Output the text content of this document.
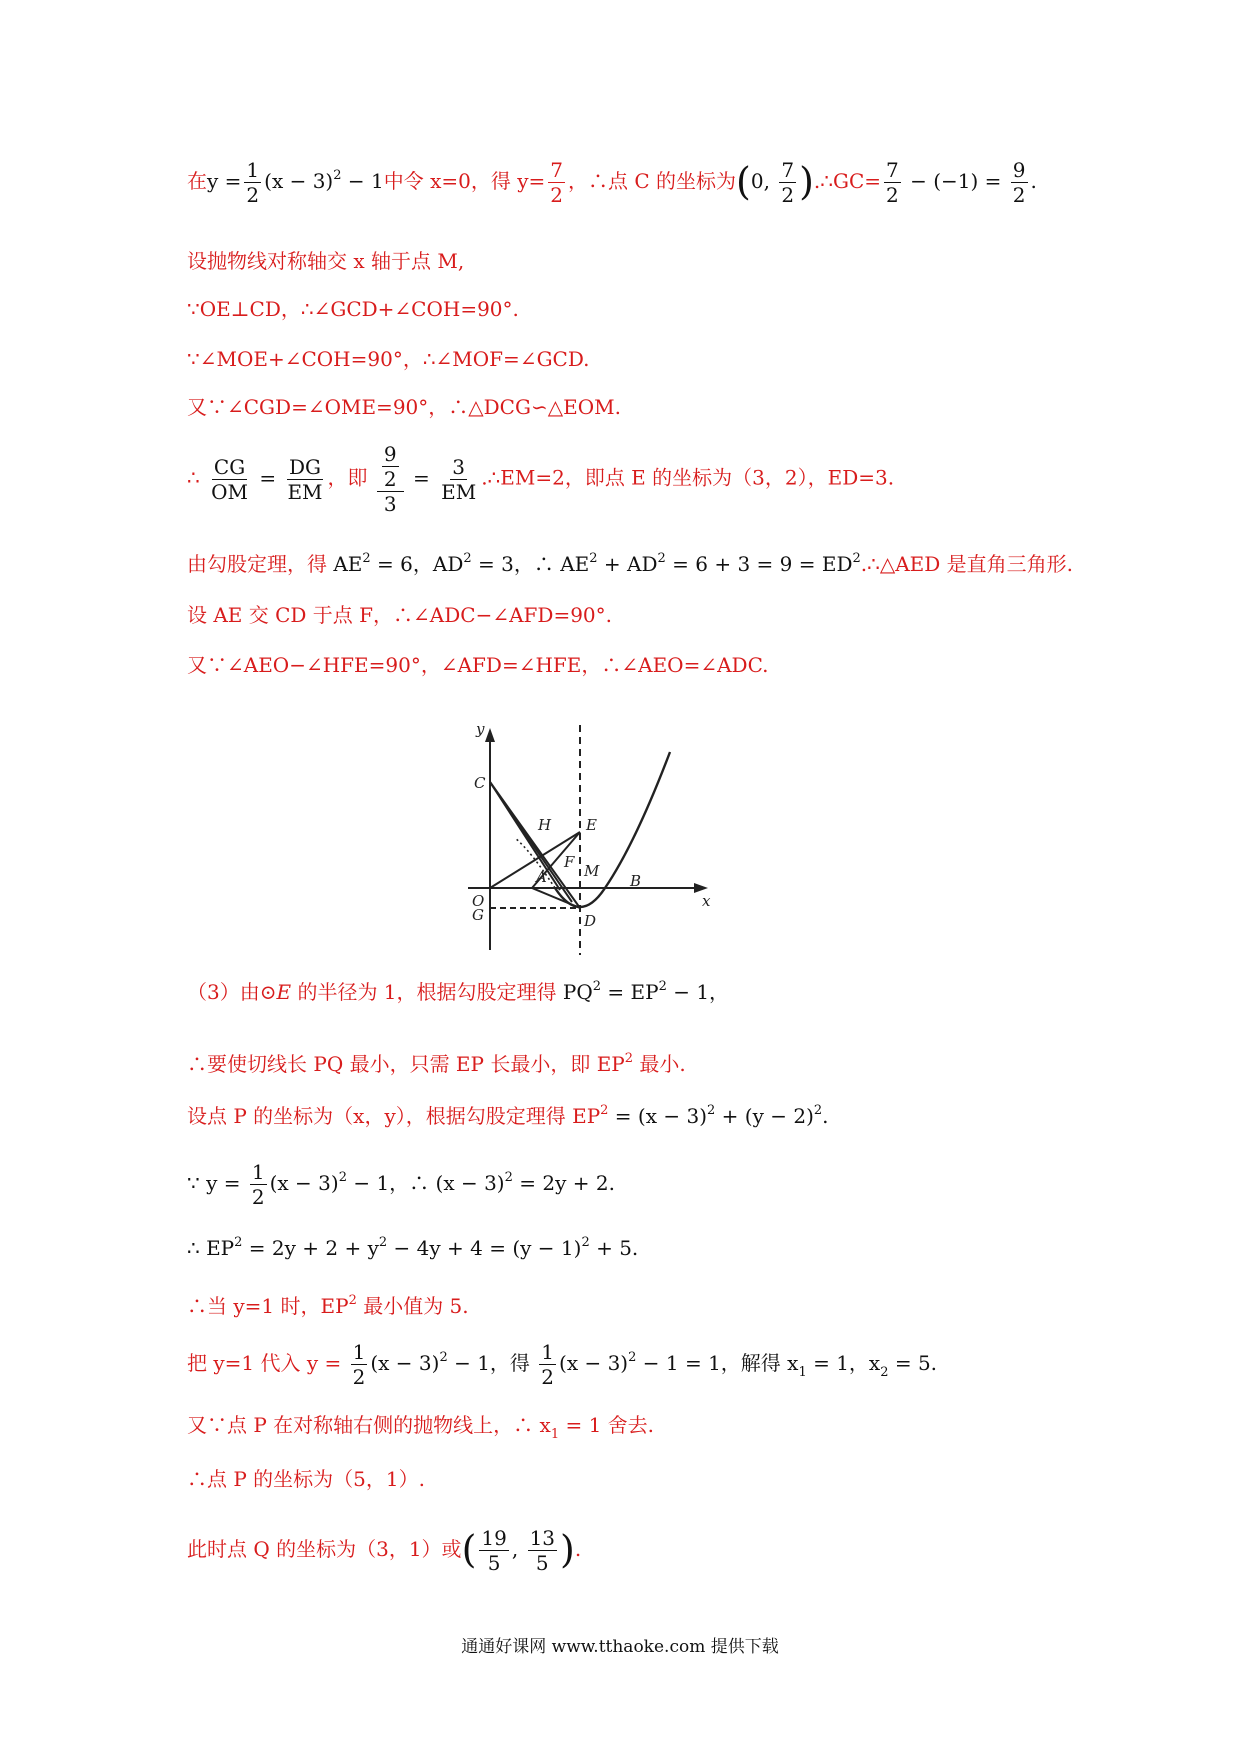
在$y = \frac{1}{2} (x - 3)^2 - 1$中令 x=0，得 $y= \frac{7}{2}$ ，∴点 C 的坐标为(0, $\frac{7}{2}$ ).∴GC= $\frac{7}{2} - (-1) = \frac{9}{2}$ .
设抛物线对称轴交 x 轴于点 M,
∵OE⊥CD，∴∠GCD+∠COH=90°.
∵∠MOE+∠COH=90°，∴∠MOF=∠GCD.
又∵∠CGD=∠OME=90°，∴△DCG∽△EOM.
∴ $\frac{CG}{OM} = \frac{DG}{EM}$ ，即 $\frac{\frac{9}{2}}{3} = \frac{3}{EM}$ .∴EM=2，即点 E 的坐标为（3，2），ED=3.
由勾股定理，得 $AE^2 = 6$，$AD^2 = 3$，∴ $AE^2 + AD^2 = 6 + 3 = 9$ = $ED^2.\therefore\triangle AED$ 是直角三角形.
设 AE 交 CD 于点 F，∴∠ADC−∠AFD=90°.
又∵∠AEO−∠HFE=90°，∠AFD=∠HFE，∴∠AEO=∠ADC.
y
x
O
C
G
H E
F M
A	B
D
（3）由⊙E 的半径为 1，根据勾股定理得 $PQ^2 = EP^2 - 1$，
∴要使切线长 PQ 最小，只需 EP 长最小，即 $EP^2$ 最小.
设点 P 的坐标为（x，y），根据勾股定理得 $EP^2 = (x - 3)^2 + (y - 2)^2$.
∵ $y = \frac{1}{2} (x - 3)^2 - 1$，∴ $(x - 3)^2 = 2y + 2$.
∴ $EP^2 = 2y + 2 + y^2 - 4y + 4 = (y - 1)^2 + 5$.
∴当 y=1 时，$EP^2$ 最小值为 5.
把 y=1 代入 $y = \frac{1}{2} (x - 3)^2 - 1$，得 $\frac{1}{2} (x - 3)^2 - 1 = 1$，解得 $x_1 = 1$，$x_2 = 5$.
又∵点 P 在对称轴右侧的抛物线上，∴ $x_1 = 1$ 舍去.
∴点 P 的坐标为（5，1）.
此时点 Q 的坐标为（3，1）或( $\frac{19}{5}$ , $\frac{13}{5}$ ).
通通好课网 www.tthaoke.com 提供下载
